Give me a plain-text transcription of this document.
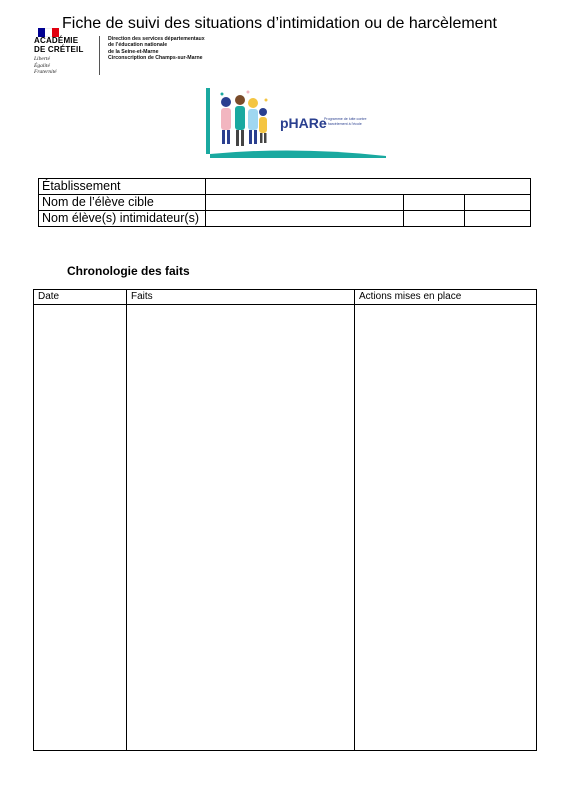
ACADÉMIE
DE CRÉTEIL
Liberté
Égalité
Fraternité
Direction des services départementaux
de l’éducation nationale
de la Seine-et-Marne
Circonscription de Champs-sur-Marne
Fiche de suivi des situations d’intimidation ou de harcèlement
pHARe
Programme de lutte contre
le harcèlement à l’école
Établissement			
Nom de l’élève cible			
Nom élève(s) intimidateur(s)			
Chronologie des faits
Date	Faits	Actions mises en place
